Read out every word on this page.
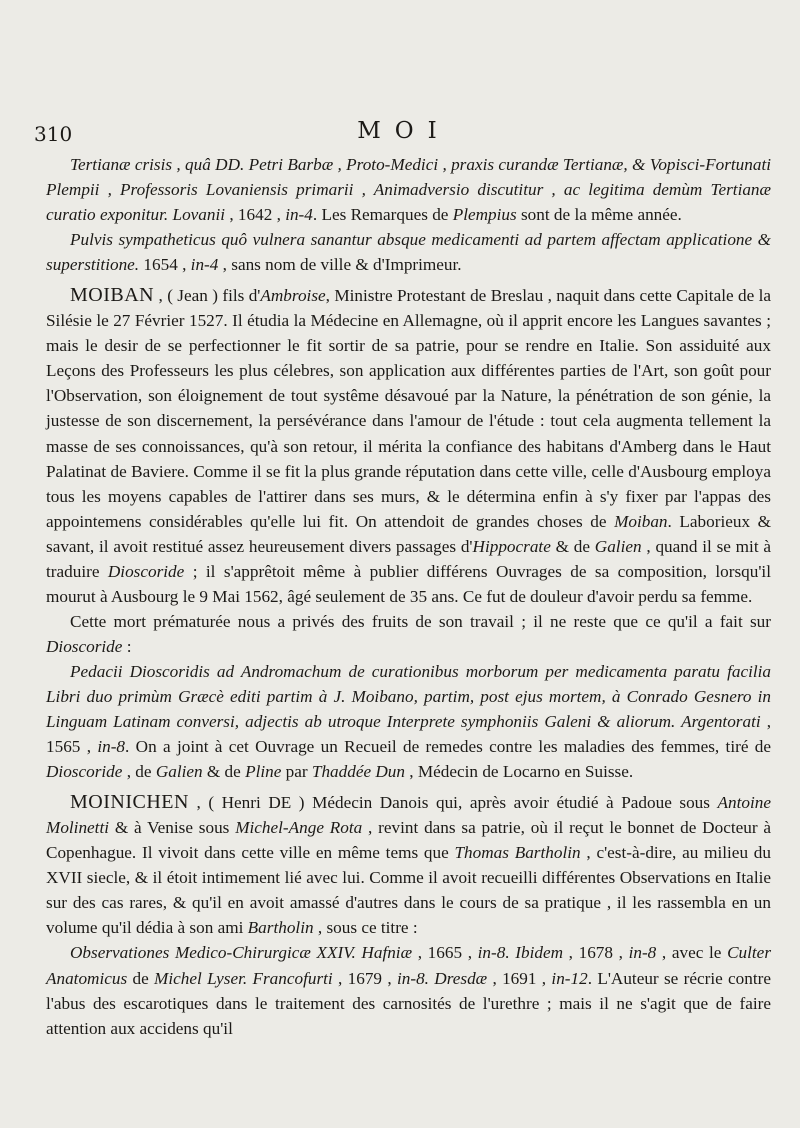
310	MOI

Tertianæ crisis , quâ DD. Petri Barbæ , Proto-Medici , praxis curandæ Tertianæ, & Vopisci-Fortunati Plempii , Professoris Lovaniensis primarii , Animadversio discutitur , ac legitima demùm Tertianæ curatio exponitur. Lovanii , 1642 , in-4. Les Remarques de Plempius sont de la même année.

Pulvis sympatheticus quô vulnera sanantur absque medicamenti ad partem affectam applicatione & superstitione. 1654 , in-4 , sans nom de ville & d'Imprimeur.

MOIBAN , ( Jean ) fils d'Ambroise, Ministre Protestant de Breslau , naquit dans cette Capitale de la Silésie le 27 Février 1527. Il étudia la Médecine en Allemagne, où il apprit encore les Langues savantes ; mais le desir de se perfectionner le fit sortir de sa patrie, pour se rendre en Italie. Son assiduité aux Leçons des Professeurs les plus célebres, son application aux différentes parties de l'Art, son goût pour l'Observation, son éloignement de tout systême désavoué par la Nature, la pénétration de son génie, la justesse de son discernement, la persévérance dans l'amour de l'étude : tout cela augmenta tellement la masse de ses connoissances, qu'à son retour, il mérita la confiance des habitans d'Amberg dans le Haut Palatinat de Baviere. Comme il se fit la plus grande réputation dans cette ville, celle d'Ausbourg employa tous les moyens capables de l'attirer dans ses murs, & le détermina enfin à s'y fixer par l'appas des appointemens considérables qu'elle lui fit. On attendoit de grandes choses de Moiban. Laborieux & savant, il avoit restitué assez heureusement divers passages d'Hippocrate & de Galien , quand il se mit à traduire Dioscoride ; il s'apprêtoit même à publier différens Ouvrages de sa composition, lorsqu'il mourut à Ausbourg le 9 Mai 1562, âgé seulement de 35 ans. Ce fut de douleur d'avoir perdu sa femme.

Cette mort prématurée nous a privés des fruits de son travail ; il ne reste que ce qu'il a fait sur Dioscoride :

Pedacii Dioscoridis ad Andromachum de curationibus morborum per medicamenta paratu facilia Libri duo primùm Græcè editi partim à J. Moibano, partim, post ejus mortem, à Conrado Gesnero in Linguam Latinam conversi, adjectis ab utroque Interprete symphoniis Galeni & aliorum. Argentorati , 1565 , in-8. On a joint à cet Ouvrage un Recueil de remedes contre les maladies des femmes, tiré de Dioscoride , de Galien & de Pline par Thaddée Dun , Médecin de Locarno en Suisse.

MOINICHEN , ( Henri DE ) Médecin Danois qui, après avoir étudié à Padoue sous Antoine Molinetti & à Venise sous Michel-Ange Rota , revint dans sa patrie, où il reçut le bonnet de Docteur à Copenhague. Il vivoit dans cette ville en même tems que Thomas Bartholin , c'est-à-dire, au milieu du XVII siecle, & il étoit intimement lié avec lui. Comme il avoit recueilli différentes Observations en Italie sur des cas rares, & qu'il en avoit amassé d'autres dans le cours de sa pratique , il les rassembla en un volume qu'il dédia à son ami Bartholin , sous ce titre :

Observationes Medico-Chirurgicæ XXIV. Hafniæ , 1665 , in-8. Ibidem , 1678 , in-8 , avec le Culter Anatomicus de Michel Lyser. Francofurti , 1679 , in-8. Dresdæ , 1691 , in-12. L'Auteur se récrie contre l'abus des escarotiques dans le traitement des carnosités de l'urethre ; mais il ne s'agit que de faire attention aux accidens qu'il
